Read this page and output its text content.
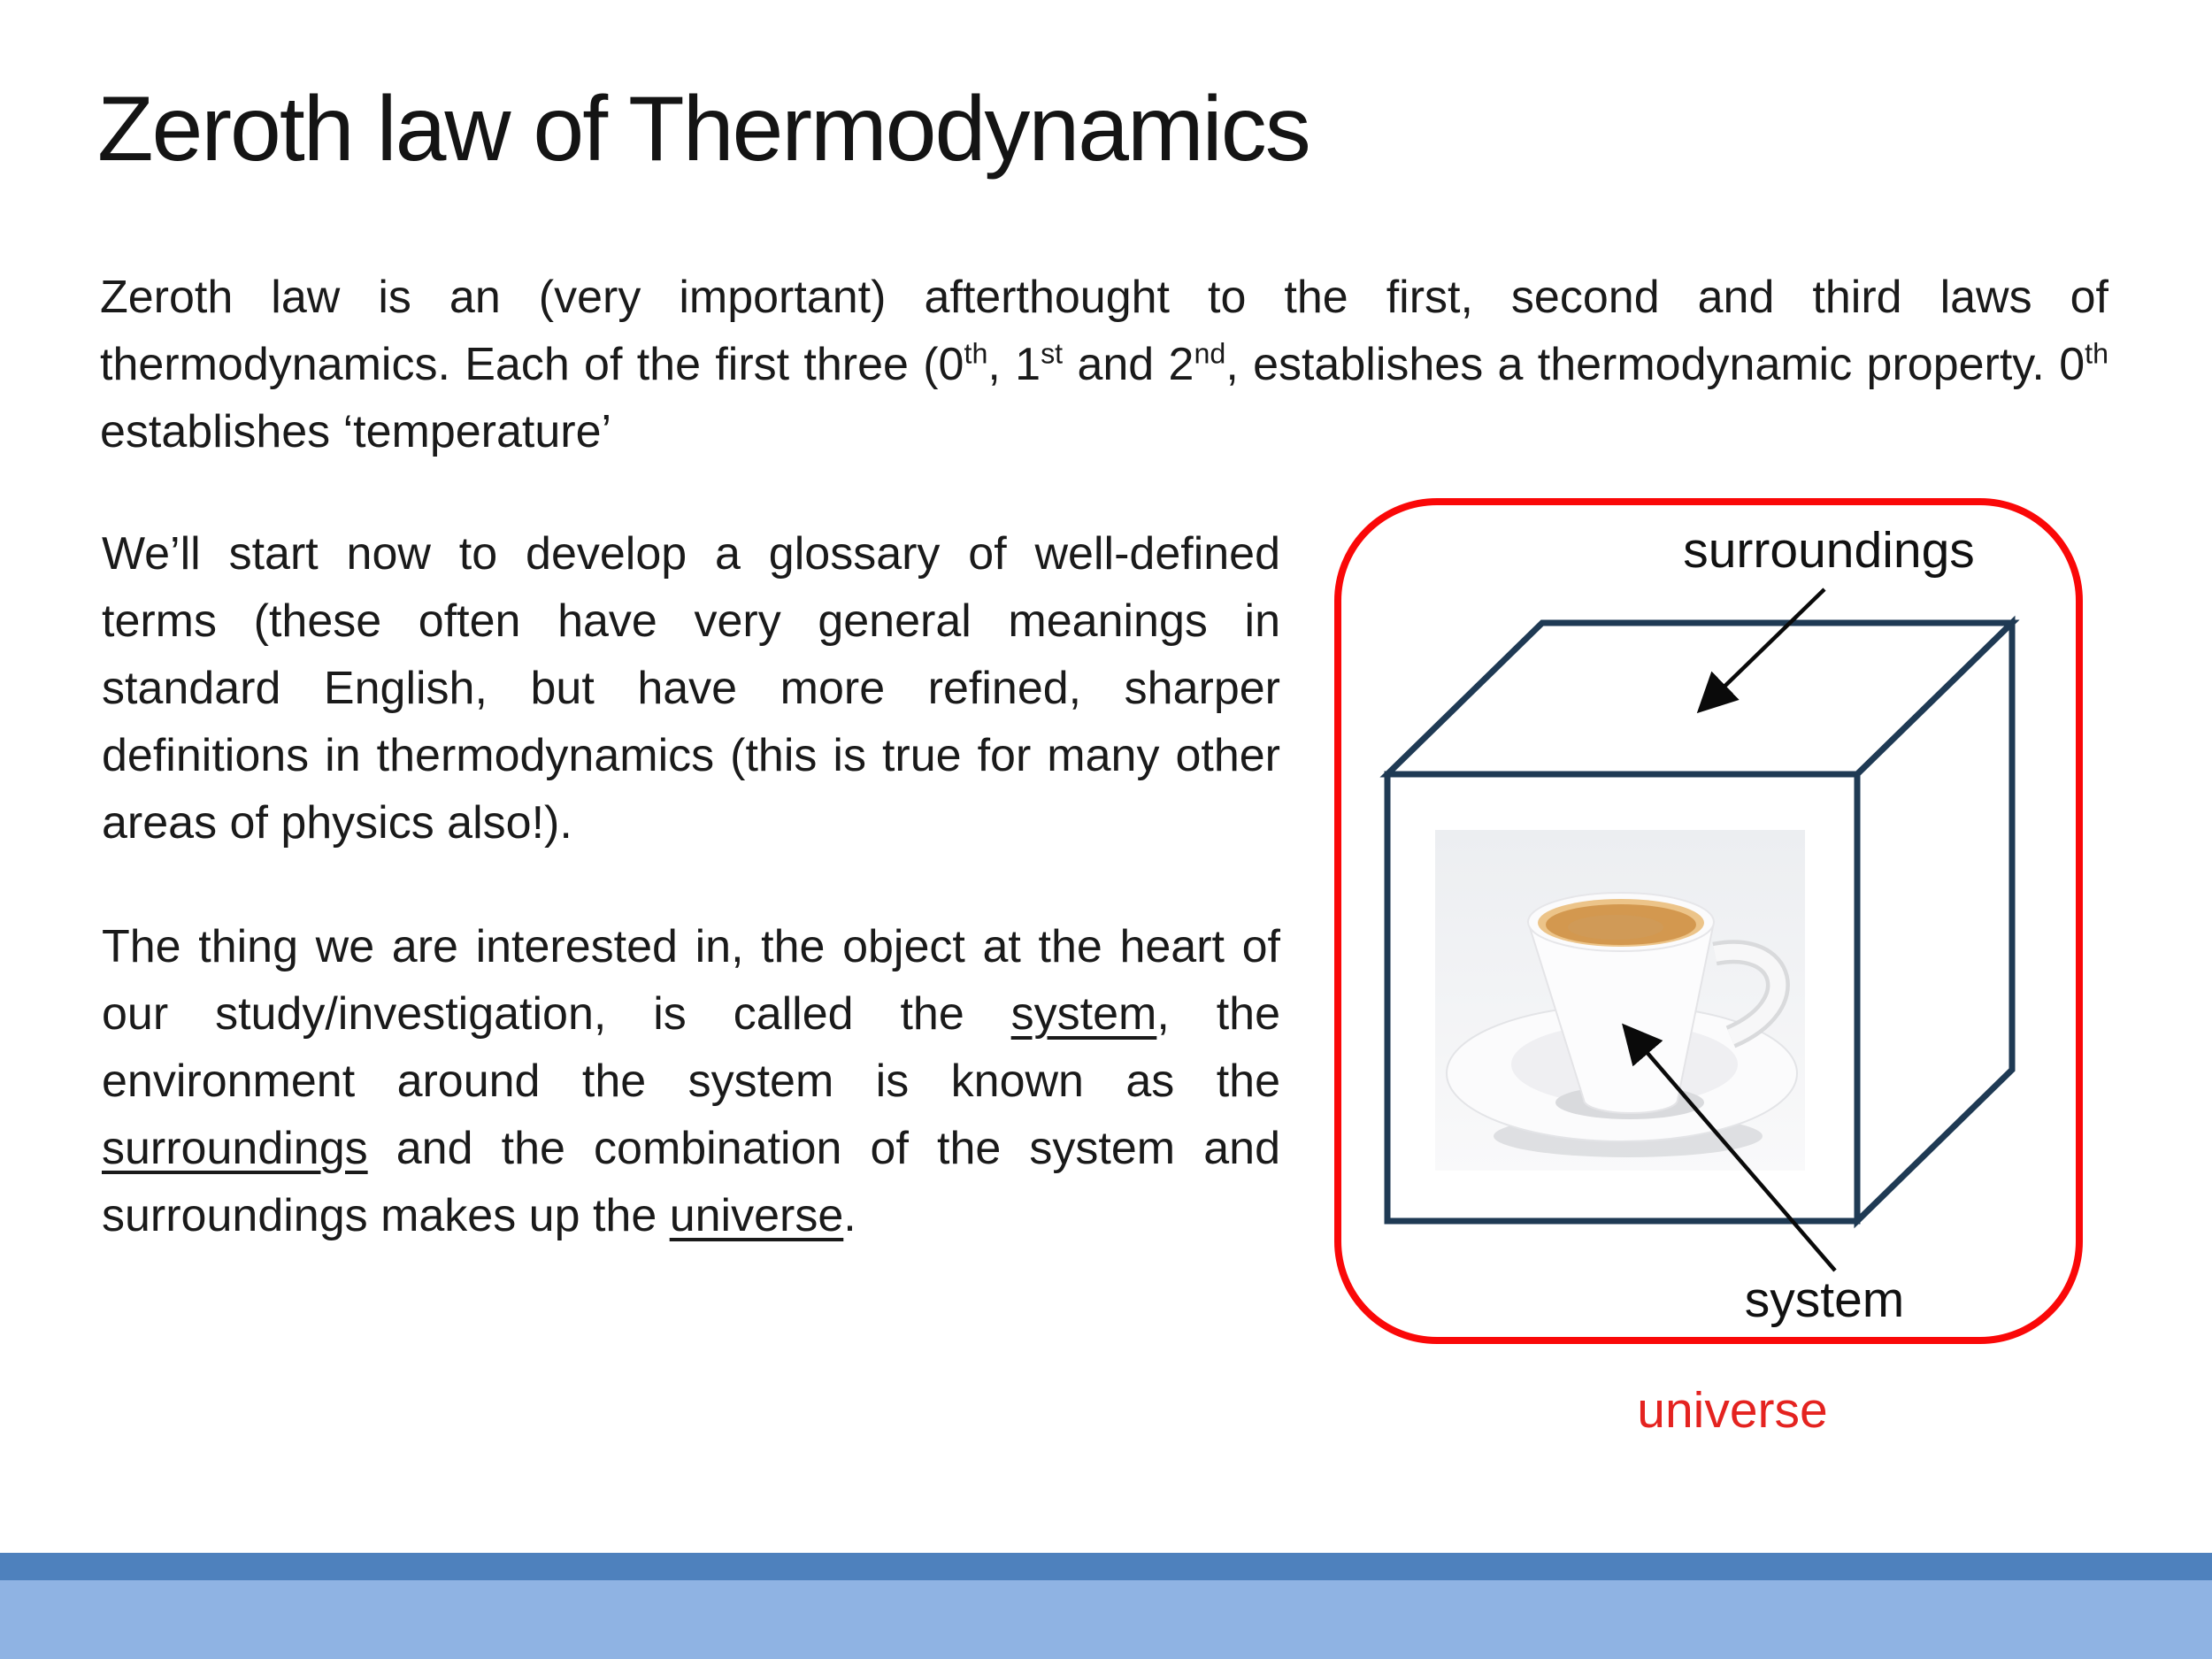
Zeroth law of Thermodynamics
Zeroth law is an (very important) afterthought to the first, second and third laws of thermodynamics. Each of the first three (0th, 1st and 2nd, establishes a thermodynamic property. 0th establishes ‘temperature’
We’ll start now to develop a glossary of well-defined terms (these often have very general meanings in standard English, but have more refined, sharper definitions in thermodynamics (this is true for many other areas of physics also!).
The thing we are interested in, the object at the heart of our study/investigation, is called the system, the environment around the system is known as the surroundings and the combination of the system and surroundings makes up the universe.
surroundings
system
universe
